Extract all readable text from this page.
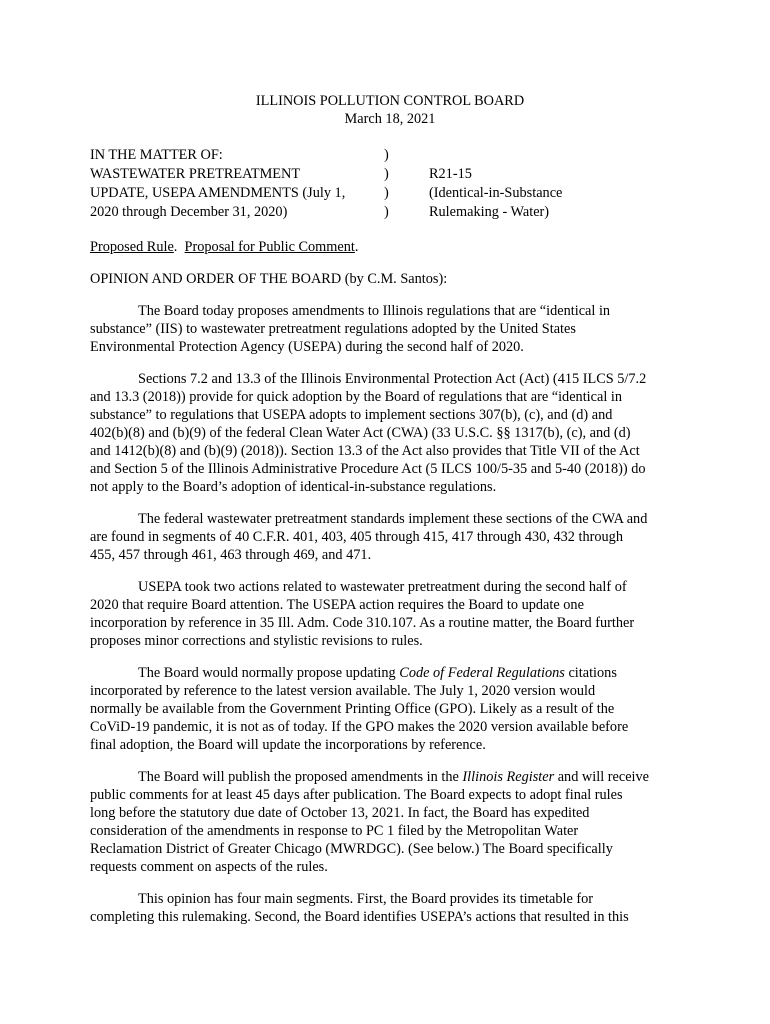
ILLINOIS POLLUTION CONTROL BOARD
March 18, 2021
IN THE MATTER OF:
WASTEWATER PRETREATMENT
UPDATE, USEPA AMENDMENTS (July 1,
2020 through December 31, 2020)
)
)
)
)

R21-15
(Identical-in-Substance
Rulemaking - Water)
Proposed Rule.  Proposal for Public Comment.
OPINION AND ORDER OF THE BOARD (by C.M. Santos):
The Board today proposes amendments to Illinois regulations that are “identical in
substance” (IIS) to wastewater pretreatment regulations adopted by the United States
Environmental Protection Agency (USEPA) during the second half of 2020.
Sections 7.2 and 13.3 of the Illinois Environmental Protection Act (Act) (415 ILCS 5/7.2
and 13.3 (2018)) provide for quick adoption by the Board of regulations that are “identical in
substance” to regulations that USEPA adopts to implement sections 307(b), (c), and (d) and
402(b)(8) and (b)(9) of the federal Clean Water Act (CWA) (33 U.S.C. §§ 1317(b), (c), and (d)
and 1412(b)(8) and (b)(9) (2018)). Section 13.3 of the Act also provides that Title VII of the Act
and Section 5 of the Illinois Administrative Procedure Act (5 ILCS 100/5-35 and 5-40 (2018)) do
not apply to the Board’s adoption of identical-in-substance regulations.
The federal wastewater pretreatment standards implement these sections of the CWA and
are found in segments of 40 C.F.R. 401, 403, 405 through 415, 417 through 430, 432 through
455, 457 through 461, 463 through 469, and 471.
USEPA took two actions related to wastewater pretreatment during the second half of
2020 that require Board attention. The USEPA action requires the Board to update one
incorporation by reference in 35 Ill. Adm. Code 310.107. As a routine matter, the Board further
proposes minor corrections and stylistic revisions to rules.
The Board would normally propose updating Code of Federal Regulations citations
incorporated by reference to the latest version available. The July 1, 2020 version would
normally be available from the Government Printing Office (GPO). Likely as a result of the
CoViD-19 pandemic, it is not as of today. If the GPO makes the 2020 version available before
final adoption, the Board will update the incorporations by reference.
The Board will publish the proposed amendments in the Illinois Register and will receive
public comments for at least 45 days after publication. The Board expects to adopt final rules
long before the statutory due date of October 13, 2021. In fact, the Board has expedited
consideration of the amendments in response to PC 1 filed by the Metropolitan Water
Reclamation District of Greater Chicago (MWRDGC). (See below.) The Board specifically
requests comment on aspects of the rules.
This opinion has four main segments. First, the Board provides its timetable for
completing this rulemaking. Second, the Board identifies USEPA’s actions that resulted in this
